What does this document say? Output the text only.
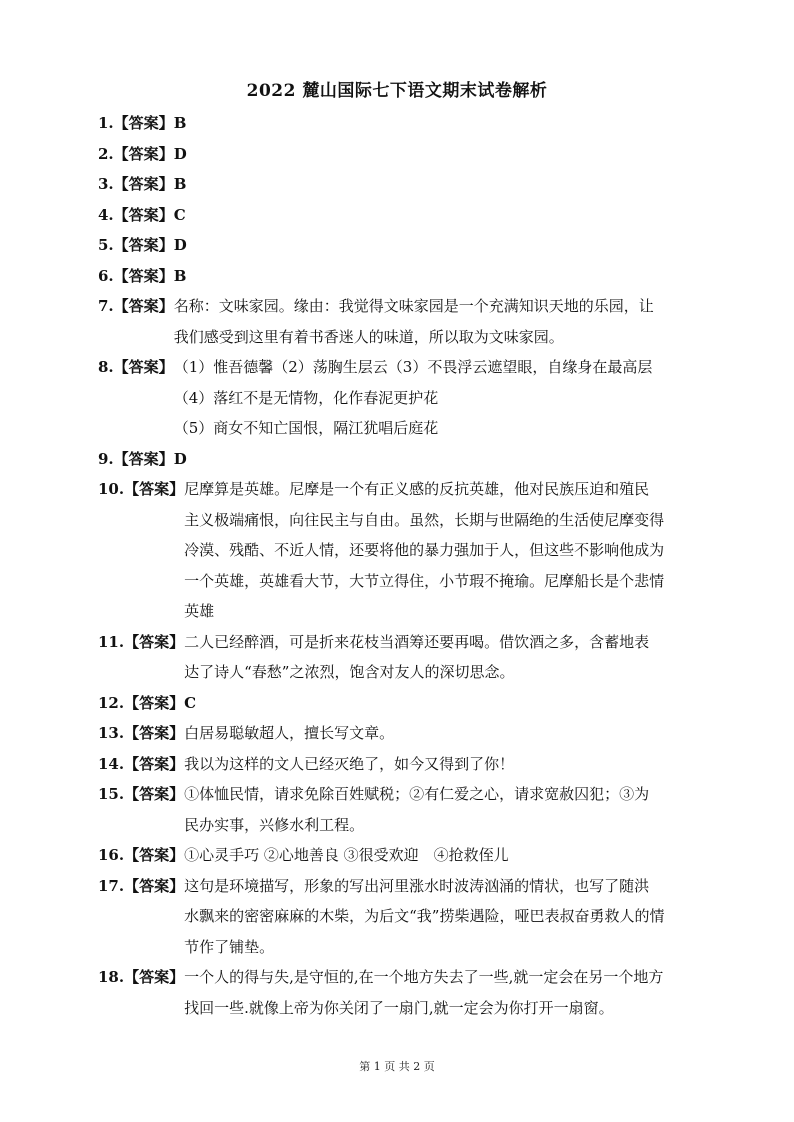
2022 麓山国际七下语文期末试卷解析
1.【答案】 B
2.【答案】 D
3.【答案】 B
4.【答案】 C
5.【答案】 D
6.【答案】 B
7.【答案】 名称：文味家园。缘由：我觉得文味家园是一个充满知识天地的乐园，让
我们感受到这里有着书香迷人的味道，所以取为文味家园。
8.【答案】 （1）惟吾德馨（2）荡胸生层云（3）不畏浮云遮望眼，自缘身在最高层
（4）落红不是无情物，化作春泥更护花
（5）商女不知亡国恨，隔江犹唱后庭花
9.【答案】 D
10.【答案】 尼摩算是英雄。尼摩是一个有正义感的反抗英雄，他对民族压迫和殖民
主义极端痛恨，向往民主与自由。虽然，长期与世隔绝的生活使尼摩变得
冷漠、残酷、不近人情，还要将他的暴力强加于人，但这些不影响他成为
一个英雄，英雄看大节，大节立得住，小节瑕不掩瑜。尼摩船长是个悲情
英雄
11.【答案】 二人已经醉酒，可是折来花枝当酒筹还要再喝。借饮酒之多，含蓄地表
达了诗人“春愁”之浓烈，饱含对友人的深切思念。
12.【答案】 C
13.【答案】 白居易聪敏超人，擅长写文章。
14.【答案】 我以为这样的文人已经灭绝了，如今又得到了你！
15.【答案】 ①体恤民情，请求免除百姓赋税；②有仁爱之心，请求宽赦囚犯；③为
民办实事，兴修水利工程。
16.【答案】 ①心灵手巧 ②心地善良 ③很受欢迎　④抢救侄儿
17.【答案】 这句是环境描写，形象的写出河里涨水时波涛汹涌的情状，也写了随洪
水飘来的密密麻麻的木柴，为后文“我”捞柴遇险，哑巴表叔奋勇救人的情
节作了铺垫。
18.【答案】 一个人的得与失,是守恒的,在一个地方失去了一些,就一定会在另一个地方
找回一些.就像上帝为你关闭了一扇门,就一定会为你打开一扇窗。
第 1 页 共 2 页
